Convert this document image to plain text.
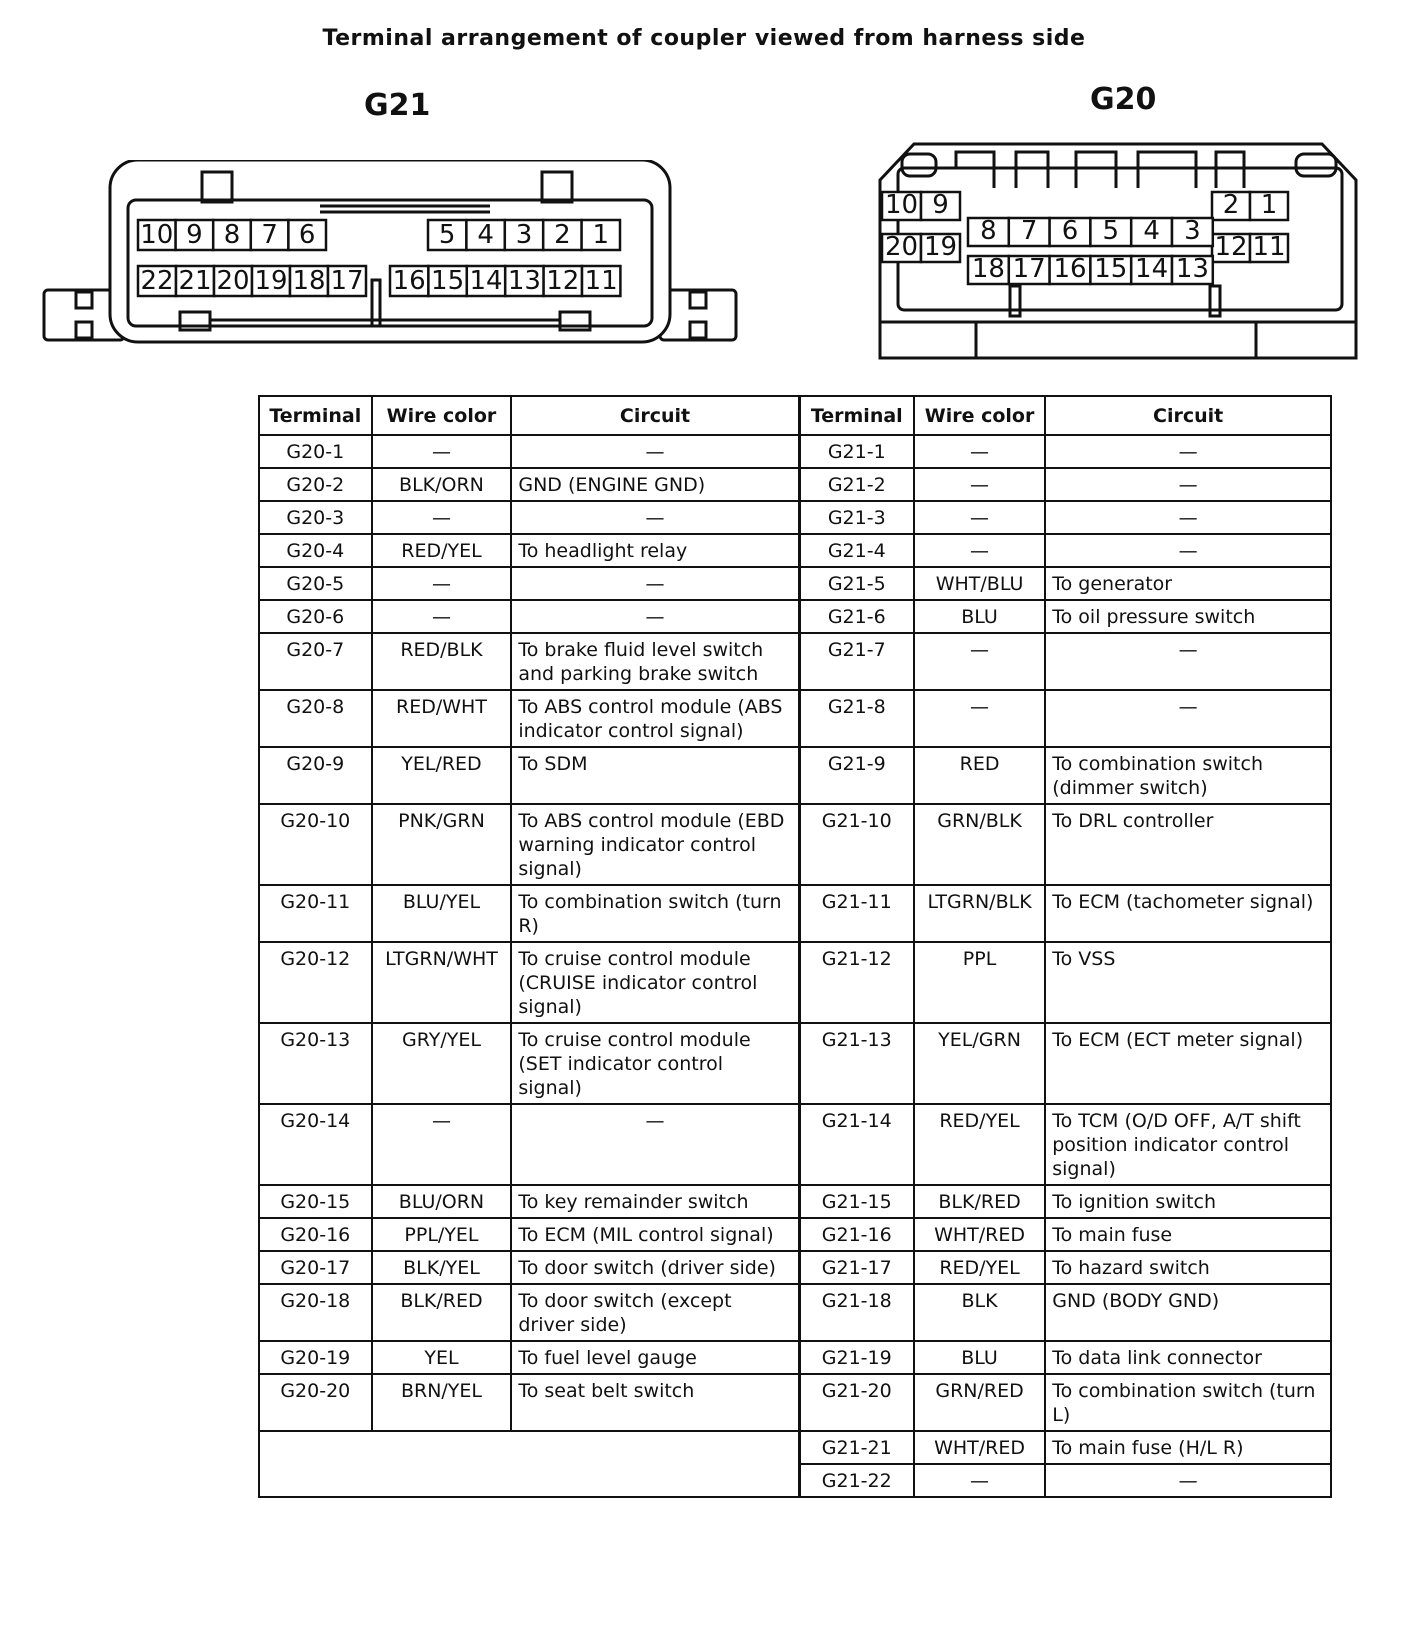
Terminal arrangement of coupler viewed from harness side
G21	G20
10 9 8 7 6	5 4 3 2 1
22 21 20 19 18 17 16 15 14 13 12 11
10 9	2 1
20 19	12 11
8 7 6 5 4 3
18 17 16 15 14 13
Terminal	Wire color	Circuit	Terminal	Wire color	Circuit
G20-1	—	—	G21-1	—	—
G20-2	BLK/ORN	GND (ENGINE GND)	G21-2	—	—
G20-3	—	—	G21-3	—	—
G20-4	RED/YEL	To headlight relay	G21-4	—	—
G20-5	—	—	G21-5	WHT/BLU	To generator
G20-6	—	—	G21-6	BLU	To oil pressure switch
G20-7	RED/BLK	To brake fluid level switch and parking brake switch	G21-7	—	—
G20-8	RED/WHT	To ABS control module (ABS indicator control signal)	G21-8	—	—
G20-9	YEL/RED	To SDM	G21-9	RED	To combination switch (dimmer switch)
G20-10	PNK/GRN	To ABS control module (EBD warning indicator control signal)	G21-10	GRN/BLK	To DRL controller
G20-11	BLU/YEL	To combination switch (turn R)	G21-11	LTGRN/BLK	To ECM (tachometer signal)
G20-12	LTGRN/WHT	To cruise control module (CRUISE indicator control signal)	G21-12	PPL	To VSS
G20-13	GRY/YEL	To cruise control module (SET indicator control signal)	G21-13	YEL/GRN	To ECM (ECT meter signal)
G20-14	—	—	G21-14	RED/YEL	To TCM (O/D OFF, A/T shift position indicator control signal)
G20-15	BLU/ORN	To key remainder switch	G21-15	BLK/RED	To ignition switch
G20-16	PPL/YEL	To ECM (MIL control signal)	G21-16	WHT/RED	To main fuse
G20-17	BLK/YEL	To door switch (driver side)	G21-17	RED/YEL	To hazard switch
G20-18	BLK/RED	To door switch (except driver side)	G21-18	BLK	GND (BODY GND)
G20-19	YEL	To fuel level gauge	G21-19	BLU	To data link connector
G20-20	BRN/YEL	To seat belt switch	G21-20	GRN/RED	To combination switch (turn L)
			G21-21	WHT/RED	To main fuse (H/L R)
			G21-22	—	—
